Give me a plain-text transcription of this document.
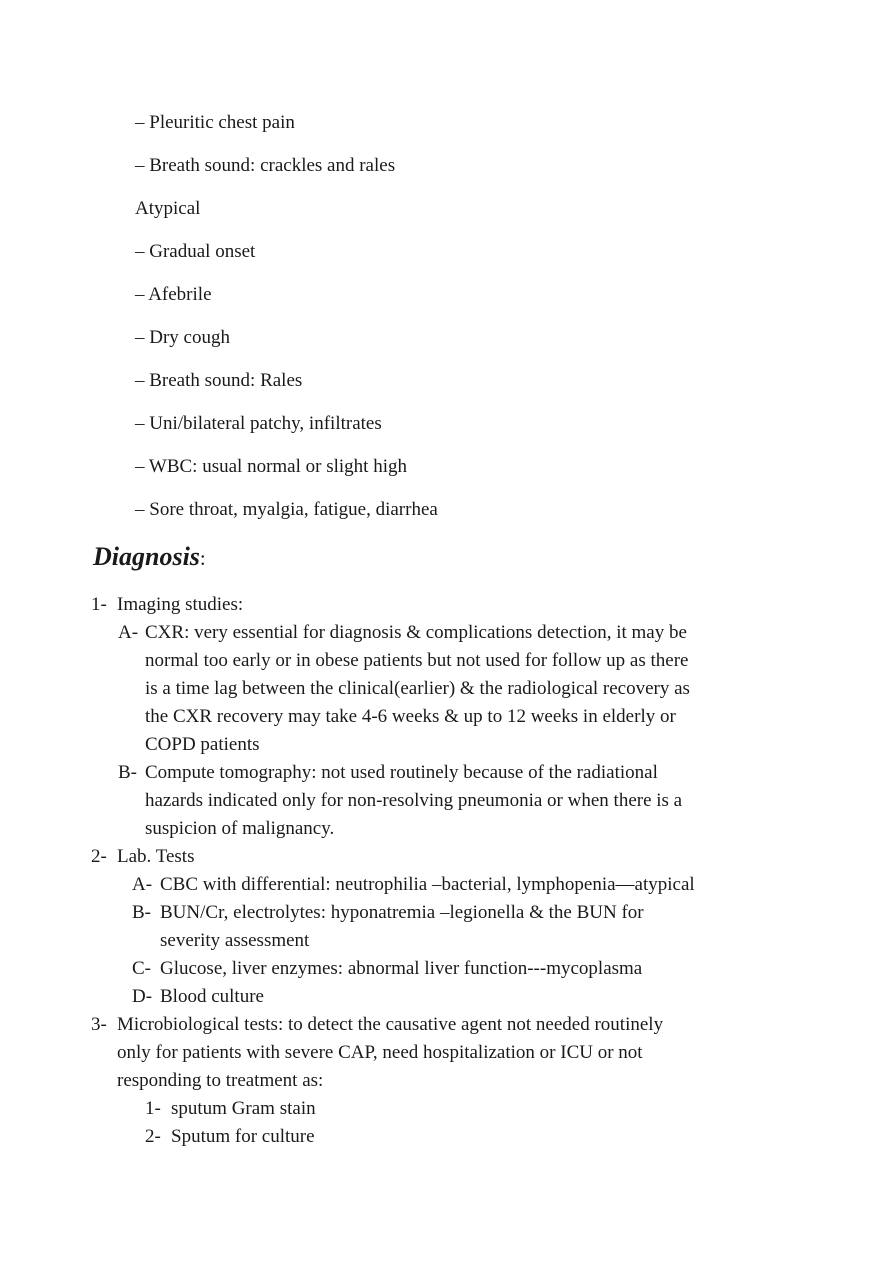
– Pleuritic chest pain
– Breath sound: crackles and rales
Atypical
– Gradual onset
– Afebrile
– Dry cough
– Breath sound: Rales
– Uni/bilateral patchy, infiltrates
– WBC: usual normal or slight high
– Sore throat, myalgia, fatigue, diarrhea
Diagnosis:
1- Imaging studies:
A- CXR: very essential for diagnosis & complications detection, it may be
normal too early or in obese patients but not used for follow up as there
is a time lag between the clinical(earlier) & the radiological recovery as
the CXR recovery may take 4-6 weeks & up to 12 weeks in elderly or
COPD patients
B- Compute tomography: not used routinely because of the radiational
hazards indicated only for non-resolving pneumonia or when there is a
suspicion of malignancy.
2- Lab. Tests
A- CBC with differential: neutrophilia –bacterial, lymphopenia—atypical
B- BUN/Cr, electrolytes: hyponatremia –legionella & the BUN for
severity assessment
C- Glucose, liver enzymes: abnormal liver function---mycoplasma
D- Blood culture
3- Microbiological tests: to detect the causative agent not needed routinely
only for patients with severe CAP, need hospitalization or ICU or not
responding to treatment as:
1- sputum Gram stain
2- Sputum for culture
